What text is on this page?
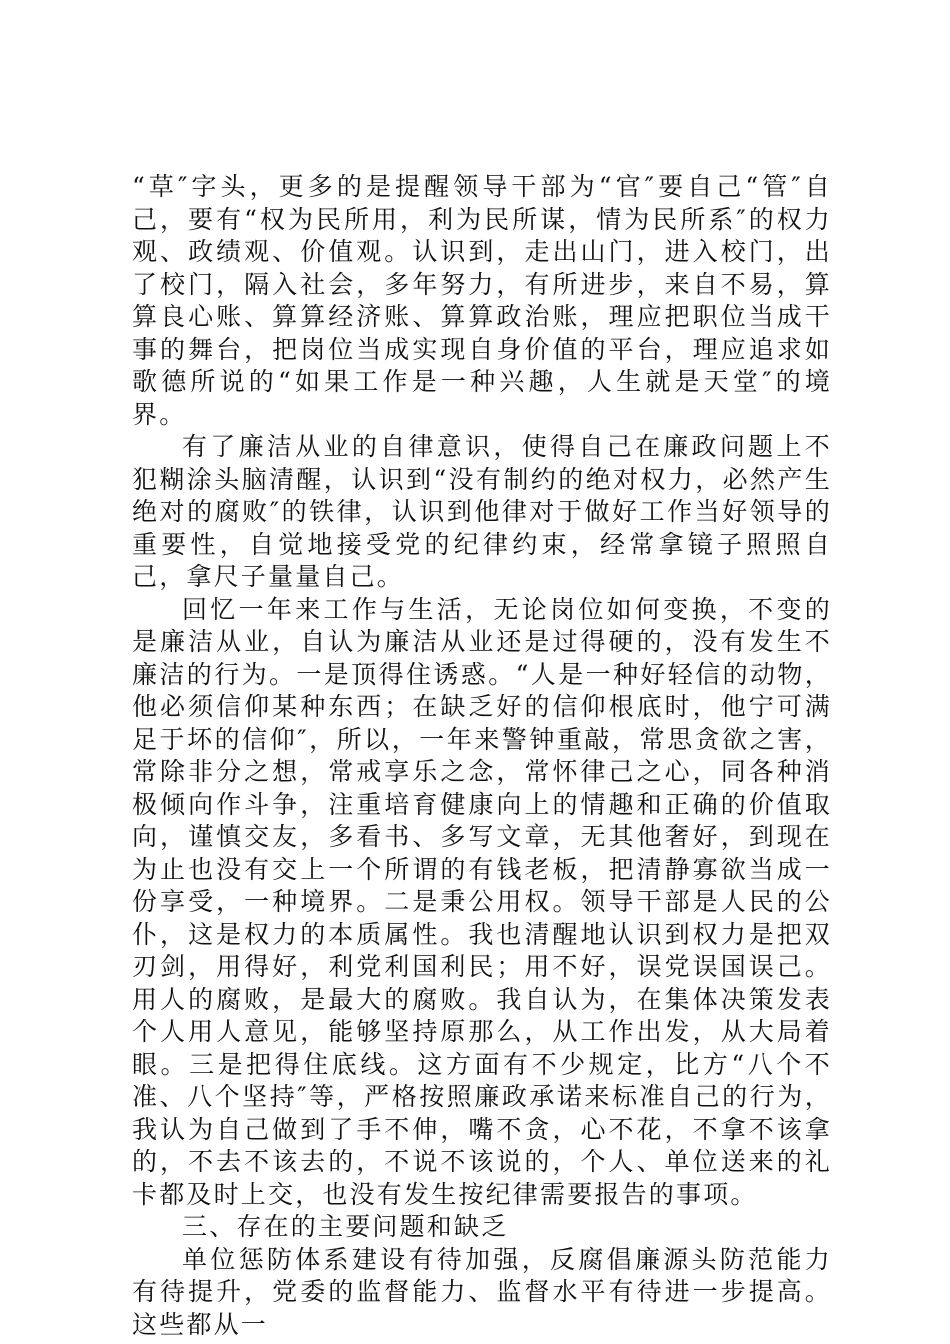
“草″字头，更多的是提醒领导干部为“官″要自己“管″自己，要有“权为民所用，利为民所谋，情为民所系″的权力观、政绩观、价值观。认识到，走出山门，进入校门，出了校门，隔入社会，多年努力，有所进步，来自不易，算算良心账、算算经济账、算算政治账，理应把职位当成干事的舞台，把岗位当成实现自身价值的平台，理应追求如歌德所说的“如果工作是一种兴趣，人生就是天堂″的境界。

有了廉洁从业的自律意识，使得自己在廉政问题上不犯糊涂头脑清醒，认识到“没有制约的绝对权力，必然产生绝对的腐败″的铁律，认识到他律对于做好工作当好领导的重要性，自觉地接受党的纪律约束，经常拿镜子照照自己，拿尺子量量自己。

回忆一年来工作与生活，无论岗位如何变换，不变的是廉洁从业，自认为廉洁从业还是过得硬的，没有发生不廉洁的行为。一是顶得住诱惑。“人是一种好轻信的动物，他必须信仰某种东西；在缺乏好的信仰根底时，他宁可满足于坏的信仰″，所以，一年来警钟重敲，常思贪欲之害，常除非分之想，常戒享乐之念，常怀律己之心，同各种消极倾向作斗争，注重培育健康向上的情趣和正确的价值取向，谨慎交友，多看书、多写文章，无其他奢好，到现在为止也没有交上一个所谓的有钱老板，把清静寡欲当成一份享受，一种境界。二是秉公用权。领导干部是人民的公仆，这是权力的本质属性。我也清醒地认识到权力是把双刃剑，用得好，利党利国利民；用不好，误党误国误己。用人的腐败，是最大的腐败。我自认为，在集体决策发表个人用人意见，能够坚持原那么，从工作出发，从大局着眼。三是把得住底线。这方面有不少规定，比方“八个不准、八个坚持″等，严格按照廉政承诺来标准自己的行为，我认为自己做到了手不伸，嘴不贪，心不花，不拿不该拿的，不去不该去的，不说不该说的，个人、单位送来的礼卡都及时上交，也没有发生按纪律需要报告的事项。

三、存在的主要问题和缺乏

单位惩防体系建设有待加强，反腐倡廉源头防范能力有待提升，党委的监督能力、监督水平有待进一步提高。这些都从一
